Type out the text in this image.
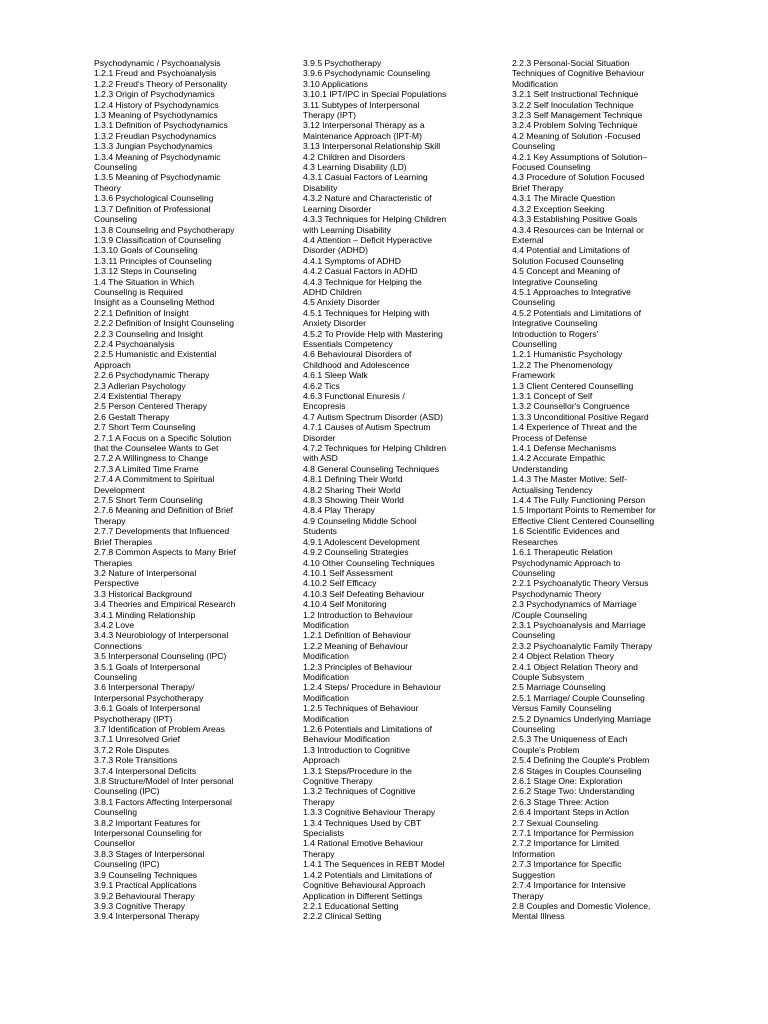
Psychodynamic / Psychoanalysis
1.2.1 Freud and Psychoanalysis
1.2.2 Freud's Theory of Personality
1.2.3 Origin of Psychodynamics
1.2.4 History of Psychodynamics
1.3 Meaning of Psychodynamics
1.3.1 Definition of Psychodynamics
1.3.2 Freudian Psychodynamics
1.3.3 Jungian Psychodynamics
1.3.4 Meaning of Psychodynamic
Counseling
1.3.5 Meaning of Psychodynamic
Theory
1.3.6 Psychological Counseling
1.3.7 Definition of Professional
Counseling
1.3.8 Counseling and Psychotherapy
1.3.9 Classification of Counseling
1.3.10 Goals of Counseling
1.3.11 Principles of Counseling
1.3.12 Steps in Counseling
1.4 The Situation in Which
Counseling is Required
Insight as a Counseling Method
2.2.1 Definition of Insight
2.2.2 Definition of Insight Counseling
2.2.3 Counseling and Insight
2.2.4 Psychoanalysis
2.2.5 Humanistic and Existential
Approach
2.2.6 Psychodynamic Therapy
2.3 Adlerian Psychology
2.4 Existential Therapy
2.5 Person Centered Therapy
2.6 Gestalt Therapy
2.7 Short Term Counseling
2.7.1 A Focus on a Specific Solution
that the Counselee Wants to Get
2.7.2 A Willingness to Change
2.7.3 A Limited Time Frame
2.7.4 A Commitment to Spiritual
Development
2.7.5 Short Term Counseling
2.7.6 Meaning and Definition of Brief
Therapy
2.7.7 Developments that Influenced
Brief Therapies
2.7.8 Common Aspects to Many Brief
Therapies
3.2 Nature of Interpersonal
Perspective
3.3 Historical Background
3.4 Theories and Empirical Research
3.4.1 Minding Relationship
3.4.2 Love
3.4.3 Neurobiology of Interpersonal
Connections
3.5 Interpersonal Counseling (IPC)
3.5.1 Goals of Interpersonal
Counseling
3.6 Interpersonal Therapy/
Interpersonal Psychotherapy
3.6.1 Goals of Interpersonal
Psychotherapy (IPT)
3.7 Identification of Problem Areas
3.7.1 Unresolved Grief
3.7.2 Role Disputes
3.7.3 Role Transitions
3.7.4 Interpersonal Deficits
3.8 Structure/Model of Inter personal
Counseling (IPC)
3.8.1 Factors Affecting Interpersonal
Counseling
3.8.2 Important Features for
Interpersonal Counseling for
Counsellor
3.8.3 Stages of Interpersonal
Counseling (IPC)
3.9 Counseling Techniques
3.9.1 Practical Applications
3.9.2 Behavioural Therapy
3.9.3 Cognitive Therapy
3.9.4 Interpersonal Therapy
3.9.5 Psychotherapy
3.9.6 Psychodynamic Counseling
3.10 Applications
3.10.1 IPT/IPC in Special Populations
3.11 Subtypes of Interpersonal
Therapy (IPT)
3.12 Interpersonal Therapy as a
Maintenance Approach (IPT-M)
3.13 Interpersonal Relationship Skill
4.2 Children and Disorders
4.3 Learning Disability (LD)
4.3.1 Casual Factors of Learning
Disability
4.3.2 Nature and Characteristic of
Learning Disorder
4.3.3 Techniques for Helping Children
with Learning Disability
4.4 Attention – Deficit Hyperactive
Disorder (ADHD)
4.4.1 Symptoms of ADHD
4.4.2 Casual Factors in ADHD
4.4.3 Technique for Helping the
ADHD Children
4.5 Anxiety Disorder
4.5.1 Techniques for Helping with
Anxiety Disorder
4.5.2 To Provide Help with Mastering
Essentials Competency
4.6 Behavioural Disorders of
Childhood and Adolescence
4.6.1 Sleep Walk
4.6.2 Tics
4.6.3 Functional Enuresis /
Encopresis
4.7 Autism Spectrum Disorder (ASD)
4.7.1 Causes of Autism Spectrum
Disorder
4.7.2 Techniques for Helping Children
with ASD
4.8 General Counseling Techniques
4.8.1 Defining Their World
4.8.2 Sharing Their World
4.8.3 Showing Their World
4.8.4 Play Therapy
4.9 Counseling Middle School
Students
4.9.1 Adolescent Development
4.9.2 Counseling Strategies
4.10 Other Counseling Techniques
4.10.1 Self Assessment
4.10.2 Self Efficacy
4.10.3 Self Defeating Behaviour
4.10.4 Self Monitoring
1.2 Introduction to Behaviour
Modification
1.2.1 Definition of Behaviour
1.2.2 Meaning of Behaviour
Modification
1.2.3 Principles of Behaviour
Modification
1.2.4 Steps/ Procedure in Behaviour
Modification
1.2.5 Techniques of Behaviour
Modification
1.2.6 Potentials and Limitations of
Behaviour Modification
1.3 Introduction to Cognitive
Approach
1.3.1 Steps/Procedure in the
Cognitive Therapy
1.3.2 Techniques of Cognitive
Therapy
1.3.3 Cognitive Behaviour Therapy
1.3.4 Techniques Used by CBT
Specialists
1.4 Rational Emotive Behaviour
Therapy
1.4.1 The Sequences in REBT Model
1.4.2 Potentials and Limitations of
Cognitive Behavioural Approach
Application in Different Settings
2.2.1 Educational Setting
2.2.2 Clinical Setting
2.2.3 Personal-Social Situation
Techniques of Cognitive Behaviour
Modification
3.2.1 Self Instructional Technique
3.2.2 Self Inoculation Technique
3.2.3 Self Management Technique
3.2.4 Problem Solving Technique
4.2 Meaning of Solution -Focused
Counseling
4.2.1 Key Assumptions of Solution–
Focused Counseling
4.3 Procedure of Solution Focused
Brief Therapy
4.3.1 The Miracle Question
4.3.2 Exception Seeking
4.3.3 Establishing Positive Goals
4.3.4 Resources can be Internal or
External
4.4 Potential and Limitations of
Solution Focused Counseling
4.5 Concept and Meaning of
Integrative Counseling
4.5.1 Approaches to Integrative
Counseling
4.5.2 Potentials and Limitations of
Integrative Counseling
Introduction to Rogers'
Counselling
1.2.1 Humanistic Psychology
1.2.2 The Phenomenology
Framework
1.3 Client Centered Counselling
1.3.1 Concept of Self
1.3.2 Counsellor's Congruence
1.3.3 Unconditional Positive Regard
1.4 Experience of Threat and the
Process of Defense
1.4.1 Defense Mechanisms
1.4.2 Accurate Empathic
Understanding
1.4.3 The Master Motive: Self-
Actualising Tendency
1.4.4 The Fully Functioning Person
1.5 Important Points to Remember for
Effective Client Centered Counselling
1.6 Scientific Evidences and
Researches
1.6.1 Therapeutic Relation
Psychodynamic Approach to
Counseling
2.2.1 Psychoanalytic Theory Versus
Psychodynamic Theory
2.3 Psychodynamics of Marriage
/Couple Counseling
2.3.1 Psychoanalysis and Marriage
Counseling
2.3.2 Psychoanalytic Family Therapy
2.4 Object Relation Theory
2.4.1 Object Relation Theory and
Couple Subsystem
2.5 Marriage Counseling
2.5.1 Marriage/ Couple Counseling
Versus Family Counseling
2.5.2 Dynamics Underlying Marriage
Counseling
2.5.3 The Uniqueness of Each
Couple's Problem
2.5.4 Defining the Couple's Problem
2.6 Stages in Couples Counseling
2.6.1 Stage One: Exploration
2.6.2 Stage Two: Understanding
2.6.3 Stage Three: Action
2.6.4 Important Steps in Action
2.7 Sexual Counseling
2.7.1 Importance for Permission
2.7.2 Importance for Limited
Information
2.7.3 Importance for Specific
Suggestion
2.7.4 Importance for Intensive
Therapy
2.8 Couples and Domestic Violence,
Mental Illness
